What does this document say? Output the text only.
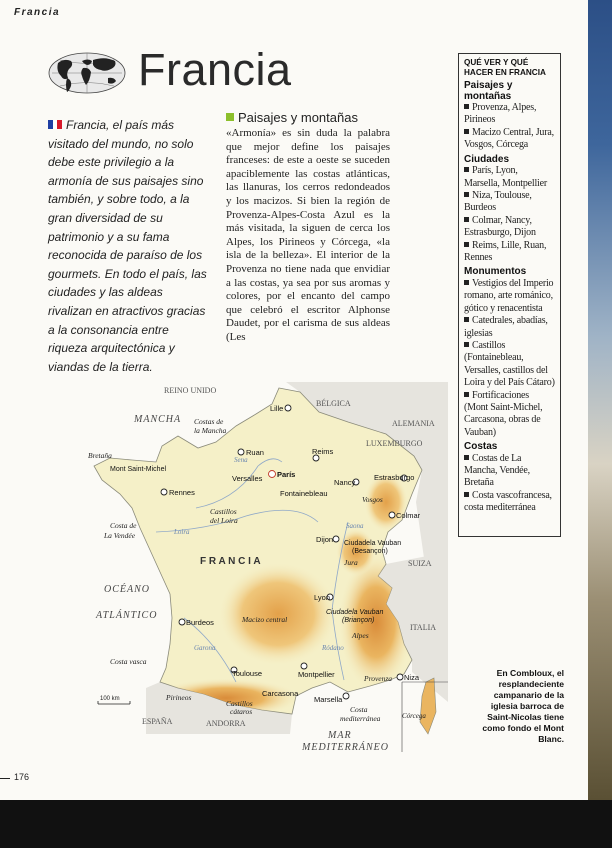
Francia
Francia
Francia, el país más visitado del mundo, no solo debe este privilegio a la armonía de sus paisajes sino también, y sobre todo, a la gran diversidad de su patrimonio y a su fama reconocida de paraíso de los gourmets. En todo el país, las ciudades y las aldeas rivalizan en atractivos gracias a la consonancia entre riqueza arquitectónica y viandas de la tierra.
Paisajes y montañas
«Armonía» es sin duda la palabra que mejor define los paisajes franceses: de este a oeste se suceden apaciblemente las costas atlánticas, las llanuras, los cerros redondeados y los macizos. Si bien la región de Provenza-Alpes-Costa Azul es la más visitada, la siguen de cerca los Alpes, los Pirineos y Córcega, «la isla de la belleza». El interior de la Provenza no tiene nada que envidiar a las costas, ya sea por sus aromas y colores, por el encanto del campo que celebró el escritor Alphonse Daudet, por el carisma de sus aldeas (Les
QUÉ VER Y QUÉ HACER EN FRANCIA
Paisajes y montañas
Provenza, Alpes, Pirineos
Macizo Central, Jura, Vosgos, Córcega
Ciudades
París, Lyon, Marsella, Montpellier
Niza, Toulouse, Burdeos
Colmar, Nancy, Estrasburgo, Dijon
Reims, Lille, Ruan, Rennes
Monumentos
Vestigios del Imperio romano, arte románico, gótico y renacentista
Catedrales, abadías, iglesias
Castillos (Fontainebleau, Versalles, castillos del Loira y del País Cátaro)
Fortificaciones (Mont Saint-Michel, Carcasona, obras de Vauban)
Costas
Costas de La Mancha, Vendée, Bretaña
Costa vascofrancesa, costa mediterránea
REINO UNIDO
BÉLGICA
ALEMANIA
LUXEMBURGO
SUIZA
ITALIA
ESPAÑA	ANDORRA
MANCHA
OCÉANO
ATLÁNTICO
MAR
MEDITERRÁNEO
F R A N C I A
Sena
Loira
Garona	Ródano
Saona
Lille
Ruan
París
Versalles
Fontainebleau
Reims
Nancy
Estrasburgo
Colmar
Rennes
Dijon
Lyon
Burdeos
Toulouse
Carcasona
Montpellier
Marsella
Niza
Ciudadela Vauban
(Besançon)
Ciudadela Vauban
(Briançon)
Mont Saint-Michel
Costas de
la Mancha
Bretaña
Castillos
del Loira
Costa de
La Vendée
Vosgos
Jura
Macizo central
Alpes
Costa vasca
Pirineos
Castillos
cátaros
Provenza
Costa
mediterránea	Córcega
100 km
En Combloux, el resplandeciente campanario de la iglesia barroca de Saint-Nicolas tiene como fondo el Mont Blanc.
176
